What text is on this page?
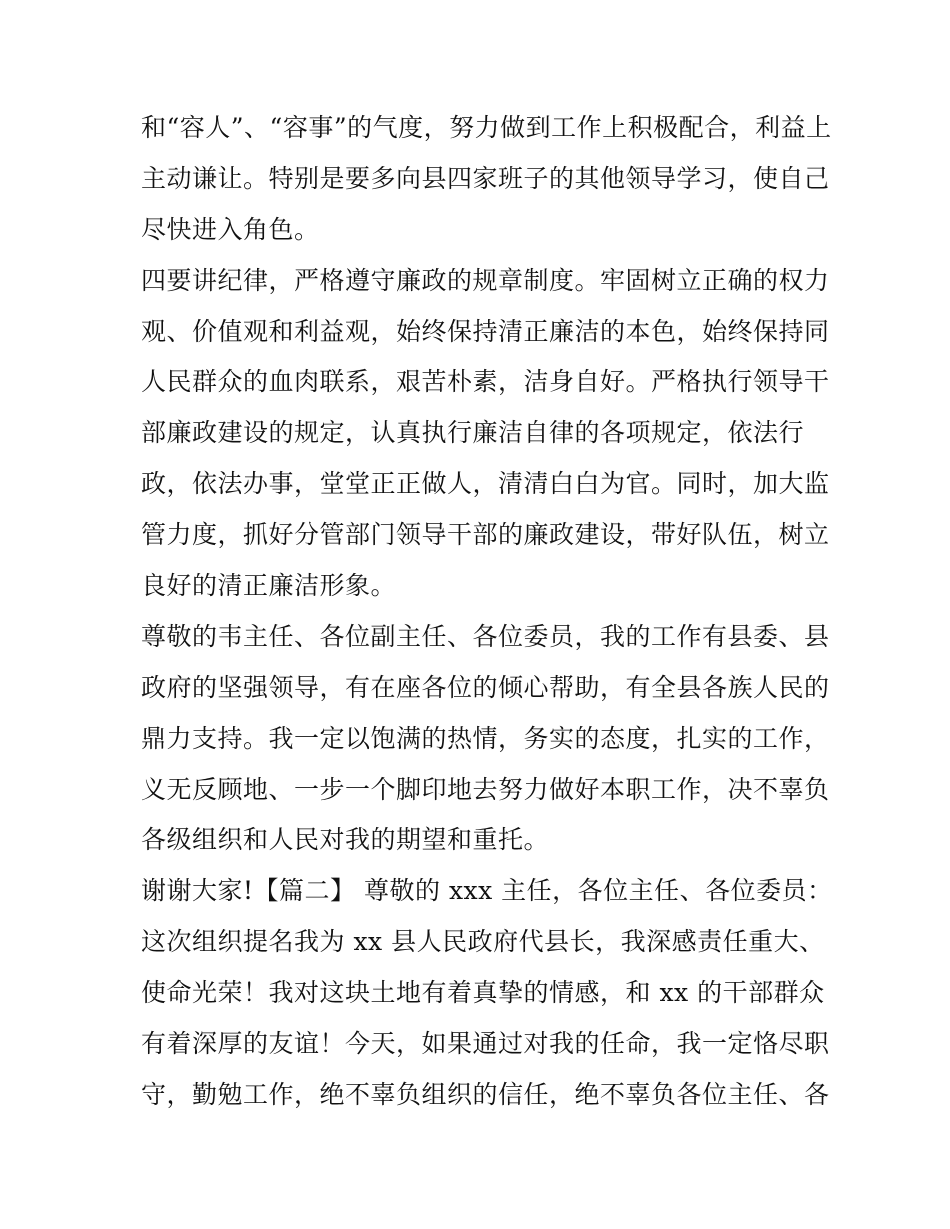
和“容人”、“容事”的气度，努力做到工作上积极配合，利益上
主动谦让。特别是要多向县四家班子的其他领导学习，使自己
尽快进入角色。
四要讲纪律，严格遵守廉政的规章制度。牢固树立正确的权力
观、价值观和利益观，始终保持清正廉洁的本色，始终保持同
人民群众的血肉联系，艰苦朴素，洁身自好。严格执行领导干
部廉政建设的规定，认真执行廉洁自律的各项规定，依法行
政，依法办事，堂堂正正做人，清清白白为官。同时，加大监
管力度，抓好分管部门领导干部的廉政建设，带好队伍，树立
良好的清正廉洁形象。
尊敬的韦主任、各位副主任、各位委员，我的工作有县委、县
政府的坚强领导，有在座各位的倾心帮助，有全县各族人民的
鼎力支持。我一定以饱满的热情，务实的态度，扎实的工作，
义无反顾地、一步一个脚印地去努力做好本职工作，决不辜负
各级组织和人民对我的期望和重托。
谢谢大家!【篇二】 尊敬的 xxx 主任，各位主任、各位委员：
这次组织提名我为 xx 县人民政府代县长，我深感责任重大、
使命光荣！我对这块土地有着真挚的情感，和 xx 的干部群众
有着深厚的友谊！今天，如果通过对我的任命，我一定恪尽职
守，勤勉工作，绝不辜负组织的信任，绝不辜负各位主任、各
